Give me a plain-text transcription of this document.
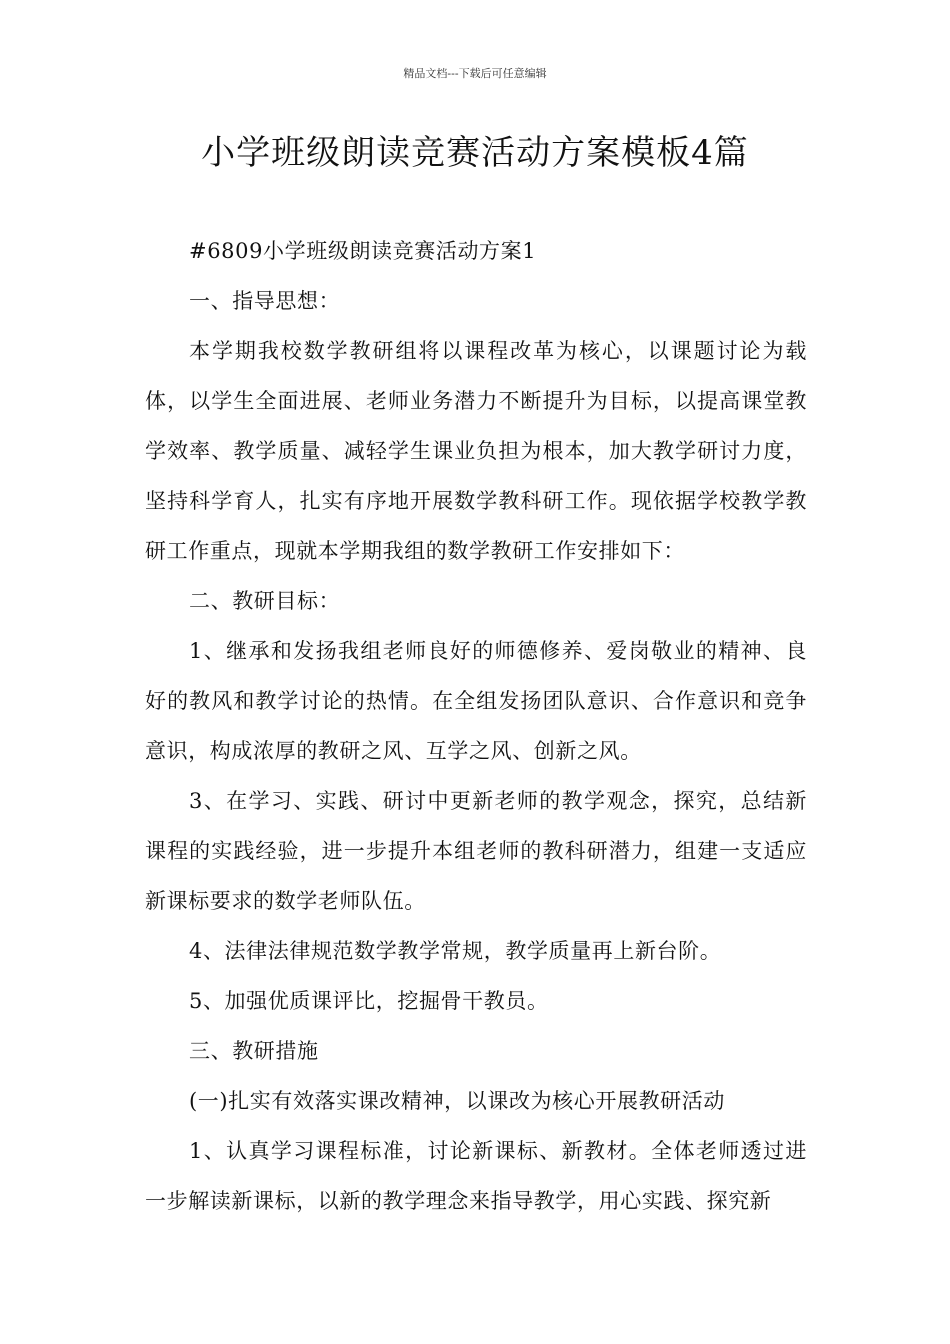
精品文档---下载后可任意编辑
小学班级朗读竞赛活动方案模板4篇

#6809小学班级朗读竞赛活动方案1

一、指导思想：

本学期我校数学教研组将以课程改革为核心，以课题讨论为载体，以学生全面进展、老师业务潜力不断提升为目标，以提高课堂教学效率、教学质量、减轻学生课业负担为根本，加大教学研讨力度，坚持科学育人，扎实有序地开展数学教科研工作。现依据学校教学教研工作重点，现就本学期我组的数学教研工作安排如下：

二、教研目标：

1、继承和发扬我组老师良好的师德修养、爱岗敬业的精神、良好的教风和教学讨论的热情。在全组发扬团队意识、合作意识和竞争意识，构成浓厚的教研之风、互学之风、创新之风。

3、在学习、实践、研讨中更新老师的教学观念，探究，总结新课程的实践经验，进一步提升本组老师的教科研潜力，组建一支适应新课标要求的数学老师队伍。

4、法律法律规范数学教学常规，教学质量再上新台阶。

5、加强优质课评比，挖掘骨干教员。

三、教研措施

(一)扎实有效落实课改精神，以课改为核心开展教研活动

1、认真学习课程标准，讨论新课标、新教材。全体老师透过进一步解读新课标，以新的教学理念来指导教学，用心实践、探究新
